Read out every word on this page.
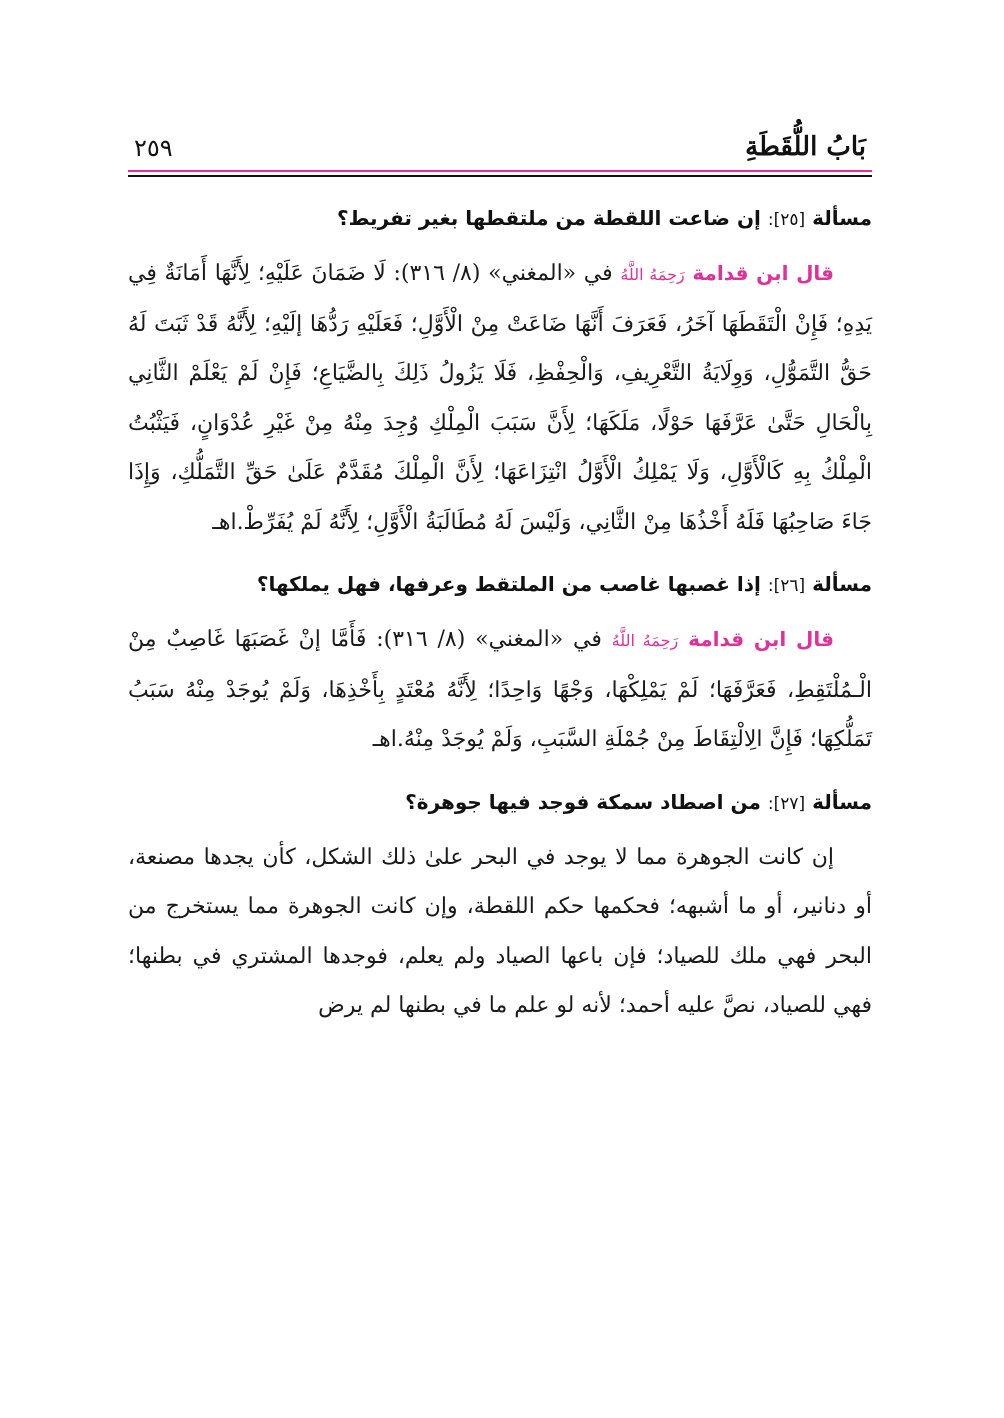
بَابُ اللُّقَطَةِ
٢٥٩
مسألة [٢٥]: إن ضاعت اللقطة من ملتقطها بغير تفريط؟

قال ابن قدامة رَحِمَهُ اللَّهُ في «المغني» (٨/ ٣١٦): لَا ضَمَانَ عَلَيْهِ؛ لِأَنَّهَا أَمَانَةٌ فِي يَدِهِ؛ فَإِنْ الْتَقَطَهَا آخَرُ، فَعَرَفَ أَنَّهَا ضَاعَتْ مِنْ الْأَوَّلِ؛ فَعَلَيْهِ رَدُّهَا إلَيْهِ؛ لِأَنَّهُ قَدْ ثَبَتَ لَهُ حَقُّ التَّمَوُّلِ، وَوِلَايَةُ التَّعْرِيفِ، وَالْحِفْظِ، فَلَا يَزُولُ ذَلِكَ بِالضَّيَاعِ؛ فَإِنْ لَمْ يَعْلَمْ الثَّانِي بِالْحَالِ حَتَّىٰ عَرَّفَهَا حَوْلًا، مَلَكَهَا؛ لِأَنَّ سَبَبَ الْمِلْكِ وُجِدَ مِنْهُ مِنْ غَيْرِ عُدْوَانٍ، فَيَثْبُتُ الْمِلْكُ بِهِ كَالْأَوَّلِ، وَلَا يَمْلِكُ الْأَوَّلُ انْتِزَاعَهَا؛ لِأَنَّ الْمِلْكَ مُقَدَّمٌ عَلَىٰ حَقِّ التَّمَلُّكِ، وَإِذَا جَاءَ صَاحِبُهَا فَلَهُ أَخْذُهَا مِنْ الثَّانِي، وَلَيْسَ لَهُ مُطَالَبَةُ الْأَوَّلِ؛ لِأَنَّهُ لَمْ يُفَرِّطْ.اهـ

مسألة [٢٦]: إذا غصبها غاصب من الملتقط وعرفها، فهل يملكها؟

قال ابن قدامة رَحِمَهُ اللَّهُ في «المغني» (٨/ ٣١٦): فَأَمَّا إنْ غَصَبَهَا غَاصِبٌ مِنْ الْـمُلْتَقِطِ، فَعَرَّفَهَا؛ لَمْ يَمْلِكْهَا، وَجْهًا وَاحِدًا؛ لِأَنَّهُ مُعْتَدٍ بِأَخْذِهَا، وَلَمْ يُوجَدْ مِنْهُ سَبَبُ تَمَلُّكِهَا؛ فَإِنَّ الِالْتِقَاطَ مِنْ جُمْلَةِ السَّبَبِ، وَلَمْ يُوجَدْ مِنْهُ.اهـ

مسألة [٢٧]: من اصطاد سمكة فوجد فيها جوهرة؟

إن كانت الجوهرة مما لا يوجد في البحر علىٰ ذلك الشكل، كأن يجدها مصنعة، أو دنانير، أو ما أشبهه؛ فحكمها حكم اللقطة، وإن كانت الجوهرة مما يستخرج من البحر فهي ملك للصياد؛ فإن باعها الصياد ولم يعلم، فوجدها المشتري في بطنها؛ فهي للصياد، نصَّ عليه أحمد؛ لأنه لو علم ما في بطنها لم يرض
